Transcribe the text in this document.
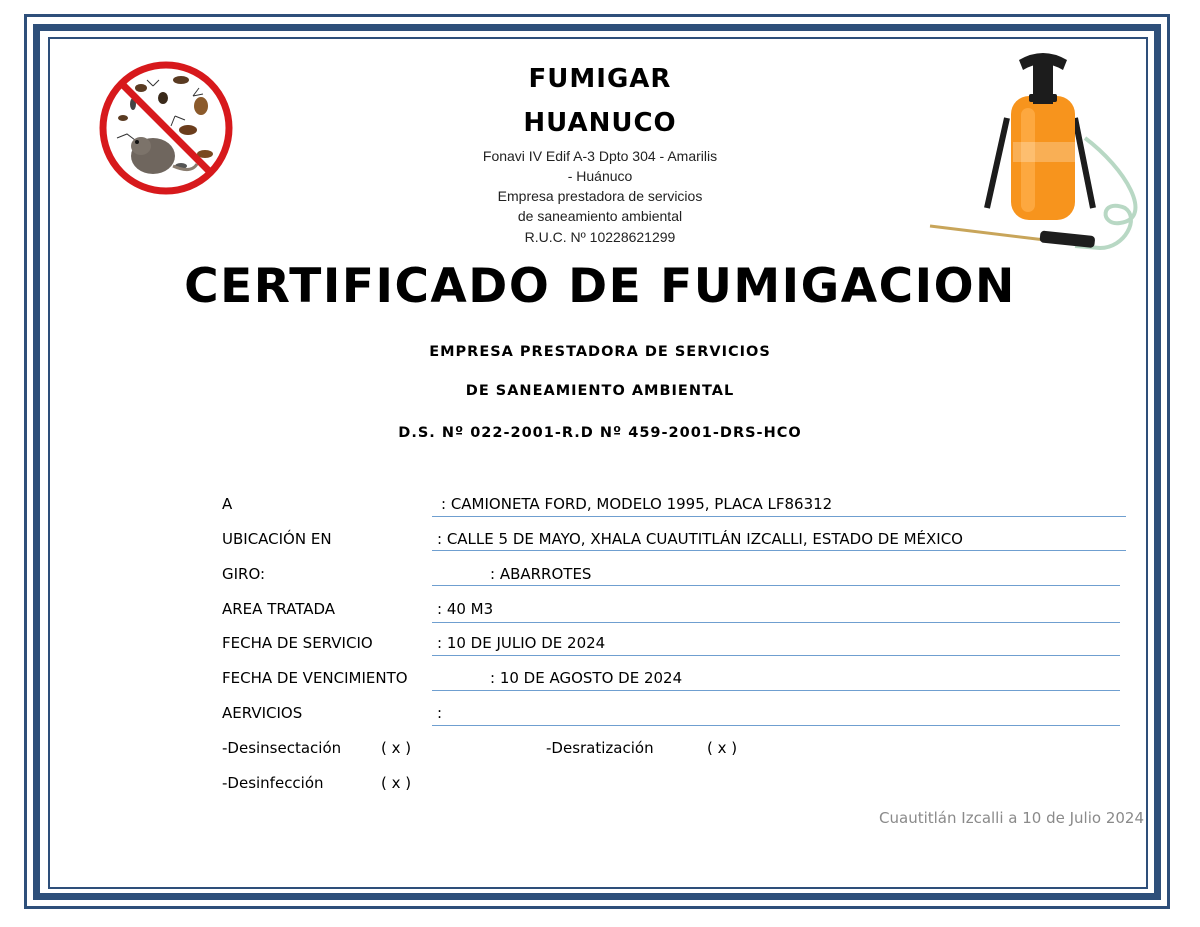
FUMIGAR
HUANUCO
Fonavi IV Edif A-3 Dpto 304 - Amarilis
- Huánuco
Empresa prestadora de servicios
de saneamiento ambiental
R.U.C. Nº 10228621299
CERTIFICADO DE FUMIGACION
EMPRESA PRESTADORA DE SERVICIOS
DE SANEAMIENTO AMBIENTAL
D.S. Nº 022-2001-R.D Nº 459-2001-DRS-HCO
A	: CAMIONETA FORD, MODELO 1995, PLACA LF86312
UBICACIÓN EN	: CALLE 5 DE MAYO, XHALA CUAUTITLÁN IZCALLI, ESTADO DE MÉXICO
GIRO:	: ABARROTES
AREA TRATADA	: 40 M3
FECHA DE SERVICIO	: 10 DE JULIO DE 2024
FECHA DE VENCIMIENTO	: 10 DE AGOSTO DE 2024
AERVICIOS	:
-Desinsectación	( x )	-Desratización	( x )
-Desinfección	( x )
Cuautitlán Izcalli a 10 de Julio 2024
